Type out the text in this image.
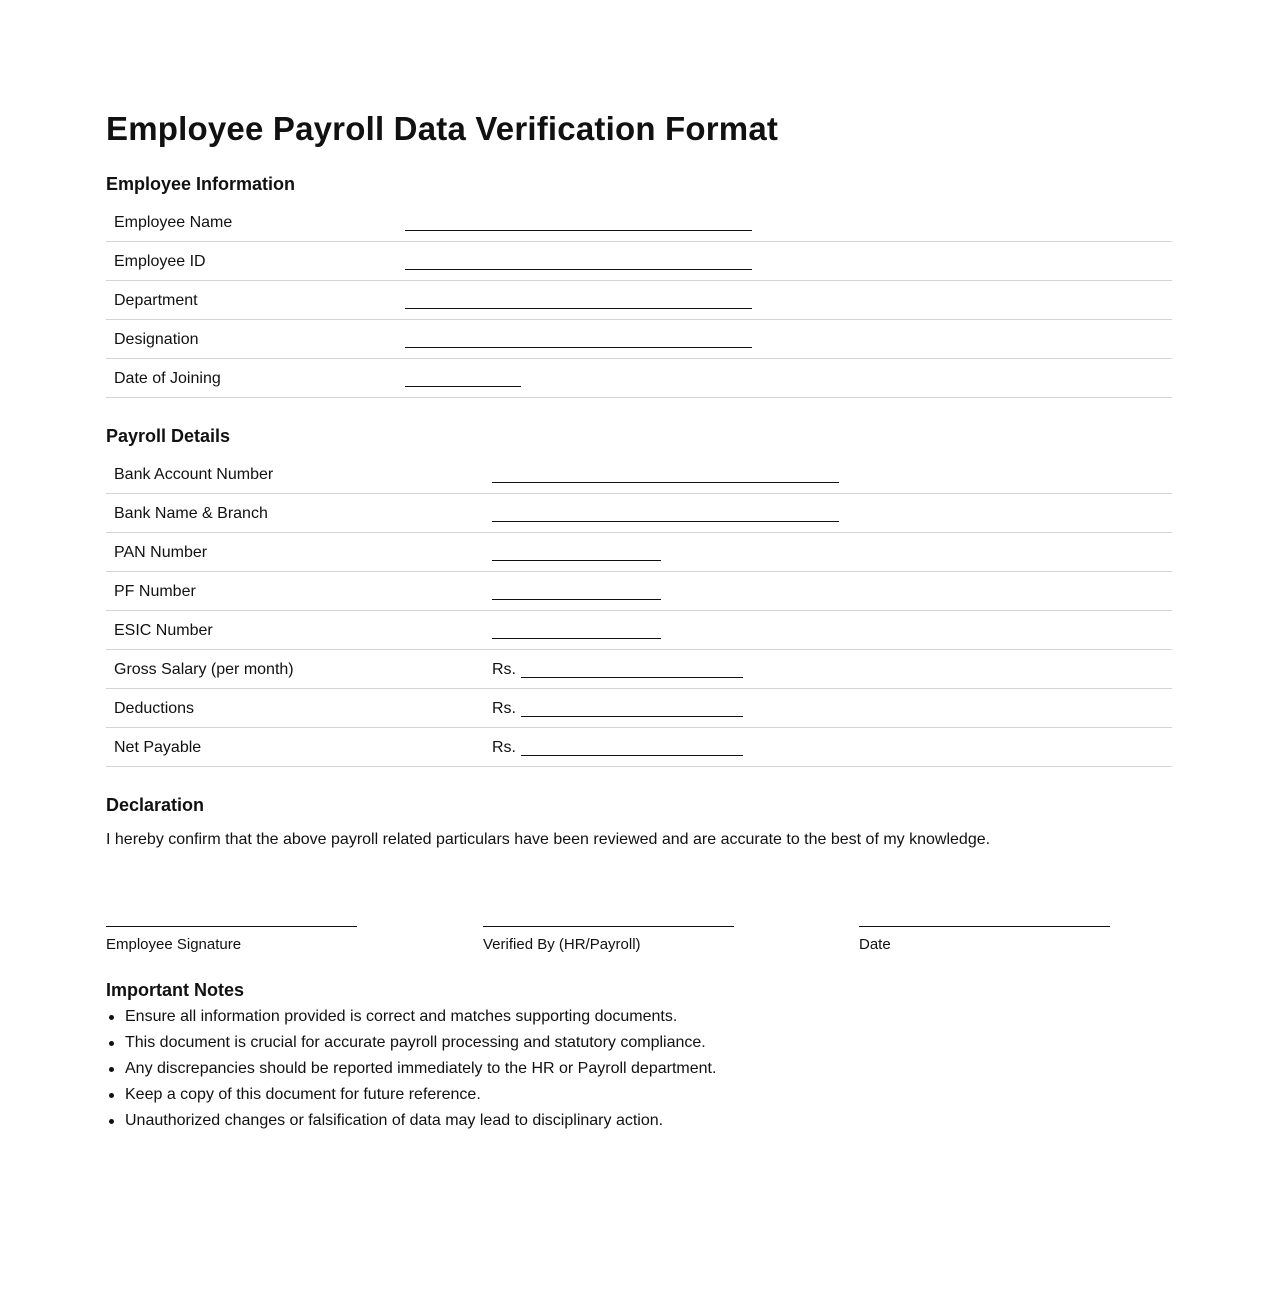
Employee Payroll Data Verification Format
Employee Information
Employee Name
Employee ID
Department
Designation
Date of Joining
Payroll Details
Bank Account Number
Bank Name & Branch
PAN Number
PF Number
ESIC Number
Gross Salary (per month)	Rs.
Deductions	Rs.
Net Payable	Rs.
Declaration

I hereby confirm that the above payroll related particulars have been reviewed and are accurate to the best of my knowledge.

Employee Signature	Verified By (HR/Payroll)	Date
Important Notes
Ensure all information provided is correct and matches supporting documents.
This document is crucial for accurate payroll processing and statutory compliance.
Any discrepancies should be reported immediately to the HR or Payroll department.
Keep a copy of this document for future reference.
Unauthorized changes or falsification of data may lead to disciplinary action.
